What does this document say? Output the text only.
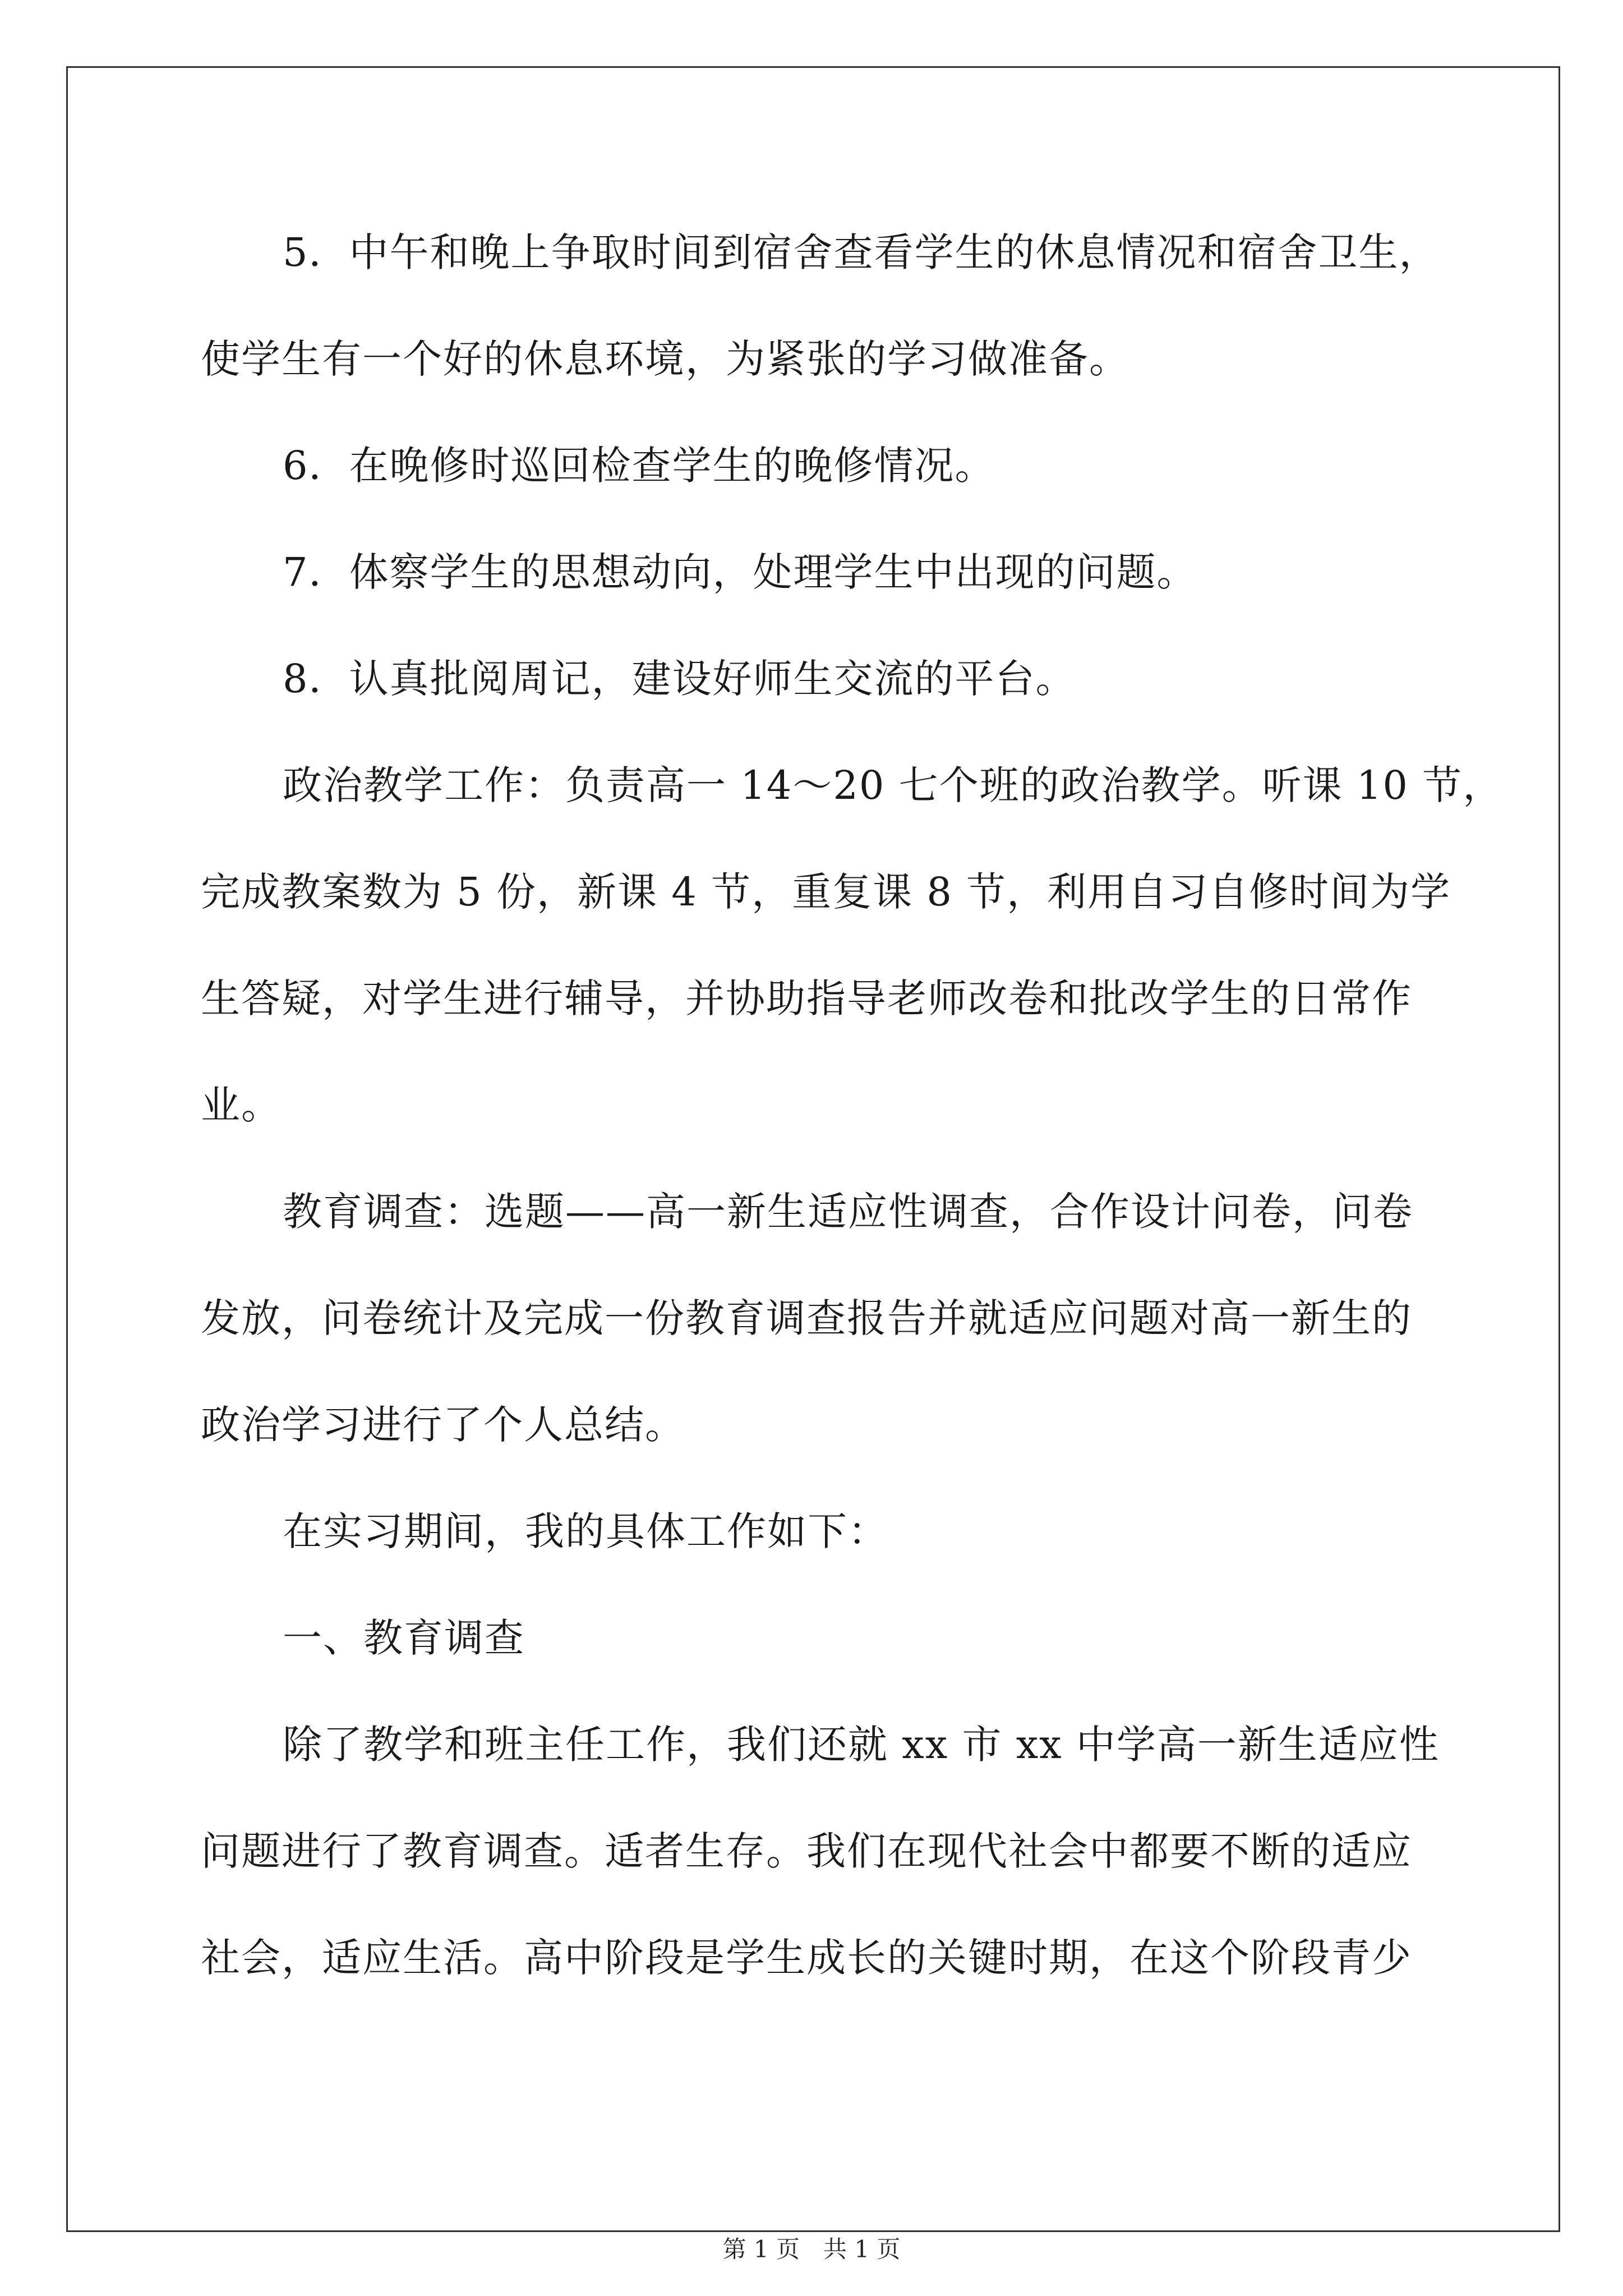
5．中午和晚上争取时间到宿舍查看学生的休息情况和宿舍卫生，
使学生有一个好的休息环境，为紧张的学习做准备。
6．在晚修时巡回检查学生的晚修情况。
7．体察学生的思想动向，处理学生中出现的问题。
8．认真批阅周记，建设好师生交流的平台。
政治教学工作：负责高一 14～20 七个班的政治教学。听课 10 节，
完成教案数为 5 份，新课 4 节，重复课 8 节，利用自习自修时间为学
生答疑，对学生进行辅导，并协助指导老师改卷和批改学生的日常作
业。
教育调查：选题——高一新生适应性调查，合作设计问卷，问卷
发放，问卷统计及完成一份教育调查报告并就适应问题对高一新生的
政治学习进行了个人总结。
在实习期间，我的具体工作如下：
一、教育调查
除了教学和班主任工作，我们还就 xx 市 xx 中学高一新生适应性
问题进行了教育调查。适者生存。我们在现代社会中都要不断的适应
社会，适应生活。高中阶段是学生成长的关键时期，在这个阶段青少
第 1 页　共 1 页
